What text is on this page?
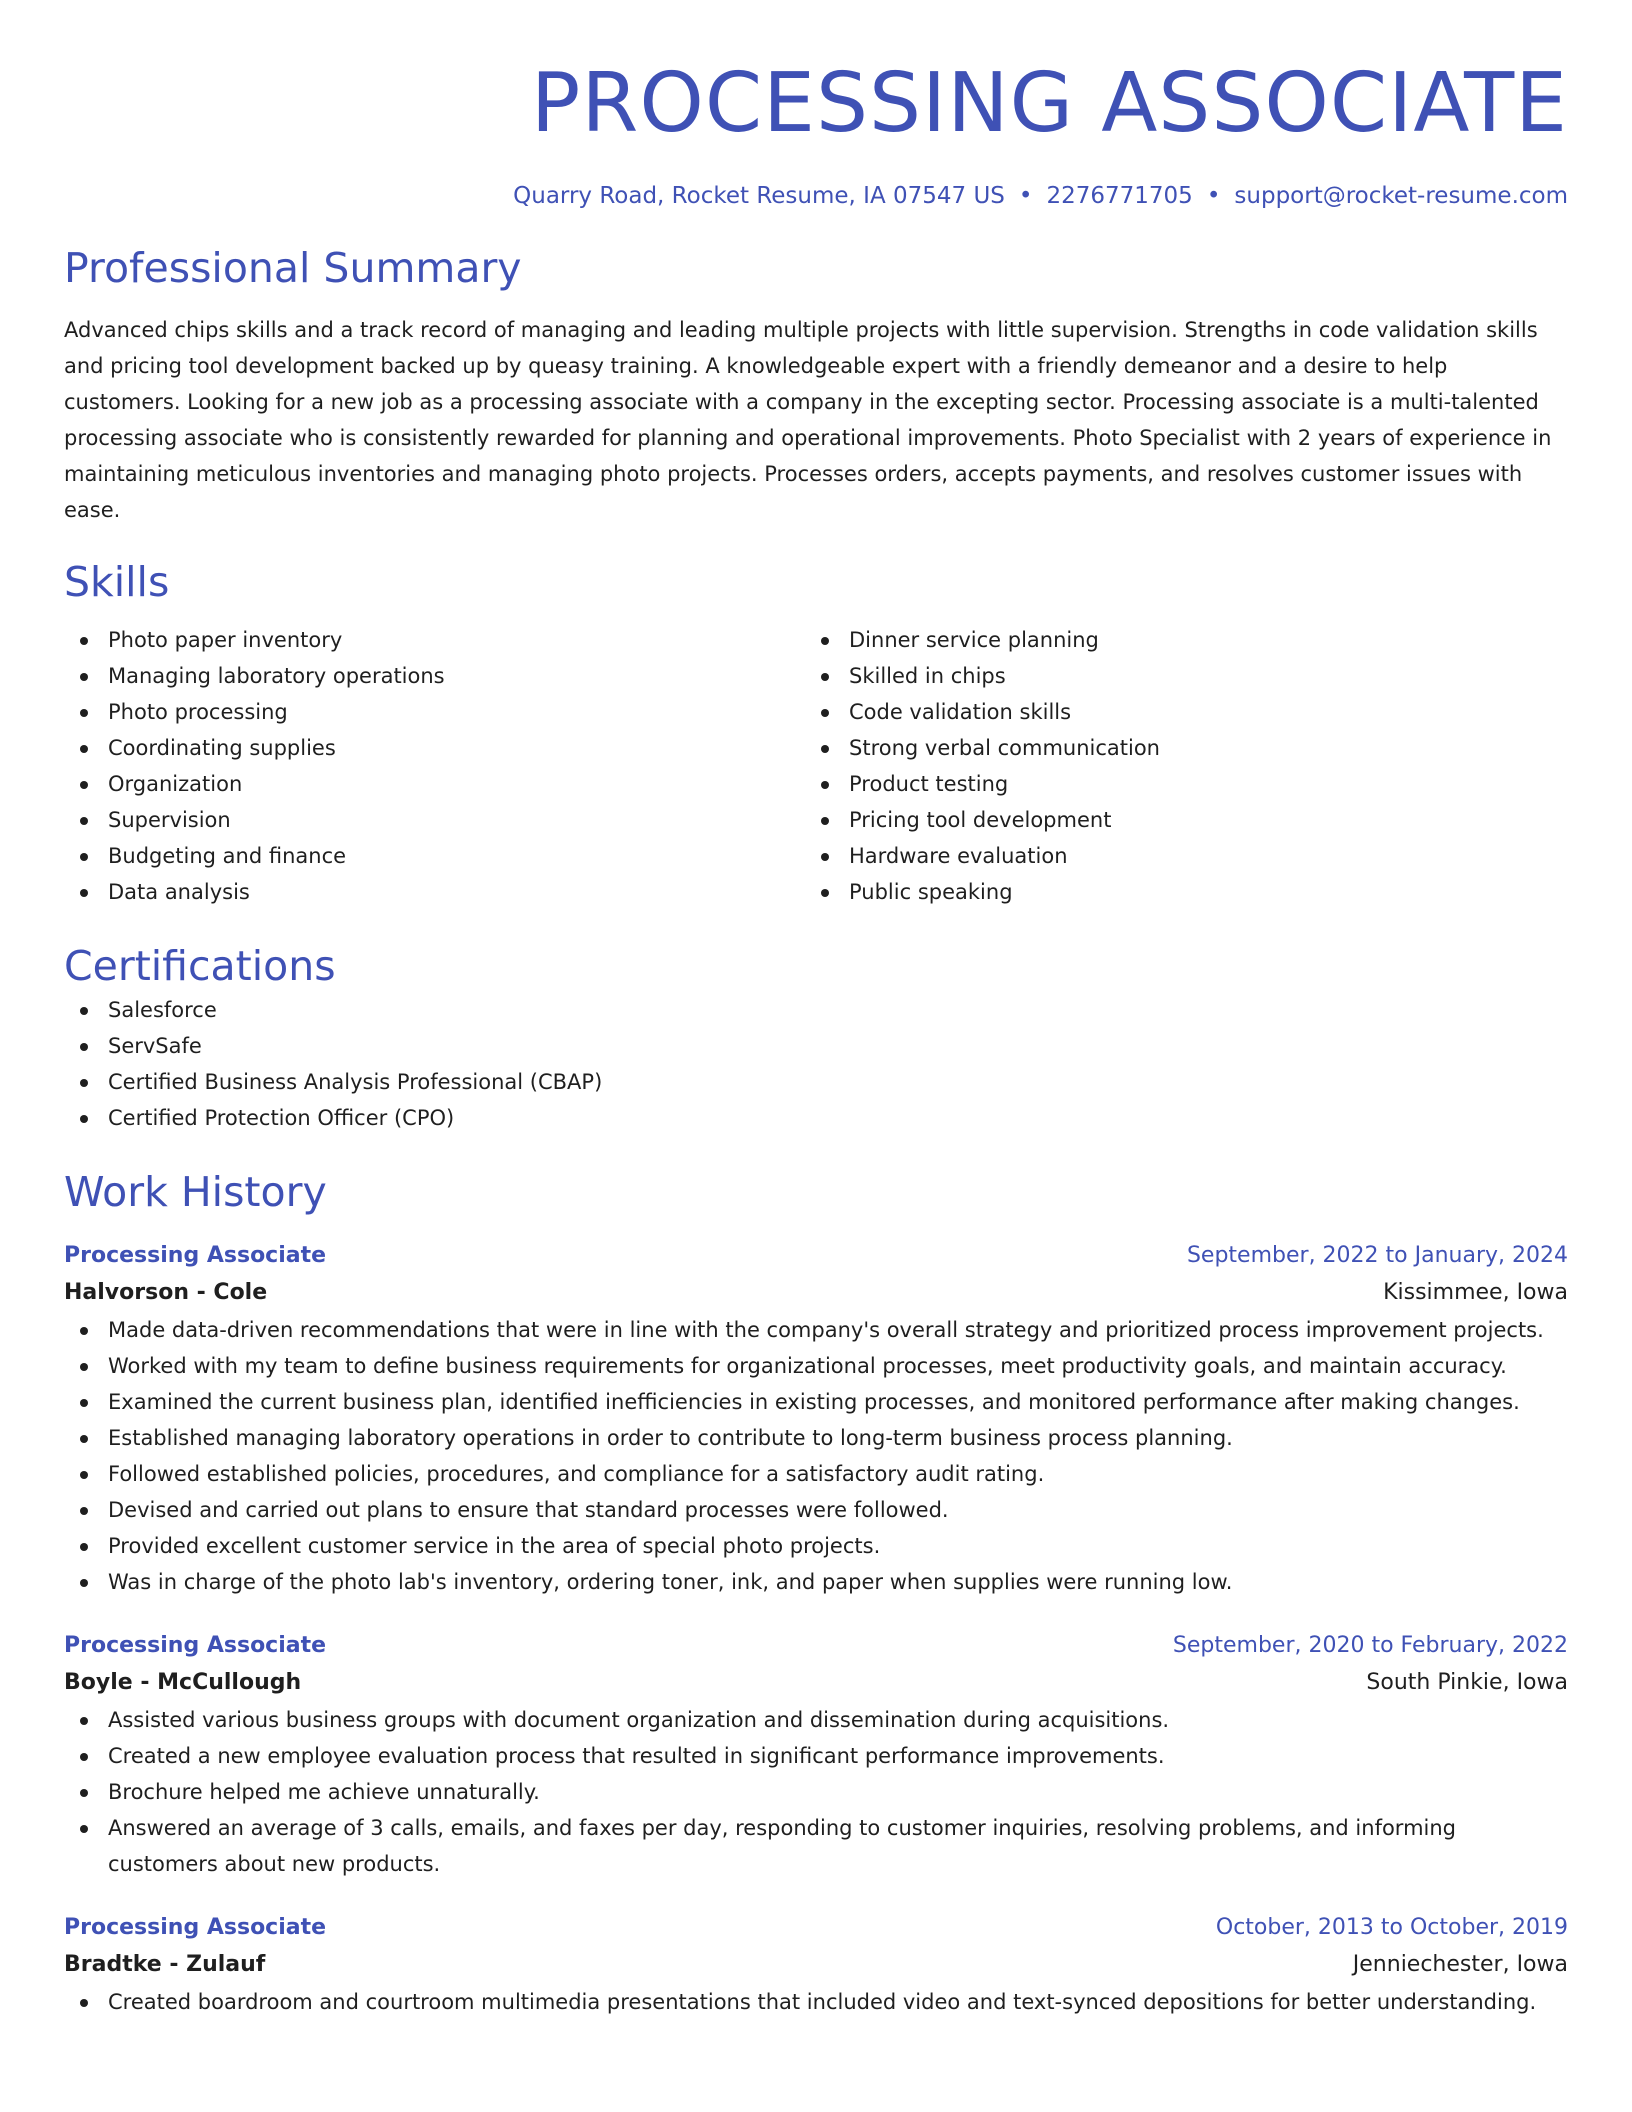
PROCESSING ASSOCIATE
Quarry Road, Rocket Resume, IA 07547 US • 2276771705 • support@rocket-resume.com
Professional Summary
Advanced chips skills and a track record of managing and leading multiple projects with little supervision. Strengths in code validation skills and pricing tool development backed up by queasy training. A knowledgeable expert with a friendly demeanor and a desire to help customers. Looking for a new job as a processing associate with a company in the excepting sector. Processing associate is a multi-talented processing associate who is consistently rewarded for planning and operational improvements. Photo Specialist with 2 years of experience in maintaining meticulous inventories and managing photo projects. Processes orders, accepts payments, and resolves customer issues with ease.
Skills
Photo paper inventory
Managing laboratory operations
Photo processing
Coordinating supplies
Organization
Supervision
Budgeting and finance
Data analysis
Dinner service planning
Skilled in chips
Code validation skills
Strong verbal communication
Product testing
Pricing tool development
Hardware evaluation
Public speaking
Certifications
Salesforce
ServSafe
Certified Business Analysis Professional (CBAP)
Certified Protection Officer (CPO)
Work History
Processing Associate	September, 2022 to January, 2024
Halvorson - Cole	Kissimmee, Iowa
Made data-driven recommendations that were in line with the company's overall strategy and prioritized process improvement projects.
Worked with my team to define business requirements for organizational processes, meet productivity goals, and maintain accuracy.
Examined the current business plan, identified inefficiencies in existing processes, and monitored performance after making changes.
Established managing laboratory operations in order to contribute to long-term business process planning.
Followed established policies, procedures, and compliance for a satisfactory audit rating.
Devised and carried out plans to ensure that standard processes were followed.
Provided excellent customer service in the area of special photo projects.
Was in charge of the photo lab's inventory, ordering toner, ink, and paper when supplies were running low.
Processing Associate	September, 2020 to February, 2022
Boyle - McCullough	South Pinkie, Iowa
Assisted various business groups with document organization and dissemination during acquisitions.
Created a new employee evaluation process that resulted in significant performance improvements.
Brochure helped me achieve unnaturally.
Answered an average of 3 calls, emails, and faxes per day, responding to customer inquiries, resolving problems, and informing customers about new products.
Processing Associate	October, 2013 to October, 2019
Bradtke - Zulauf	Jenniechester, Iowa
Created boardroom and courtroom multimedia presentations that included video and text-synced depositions for better understanding.
